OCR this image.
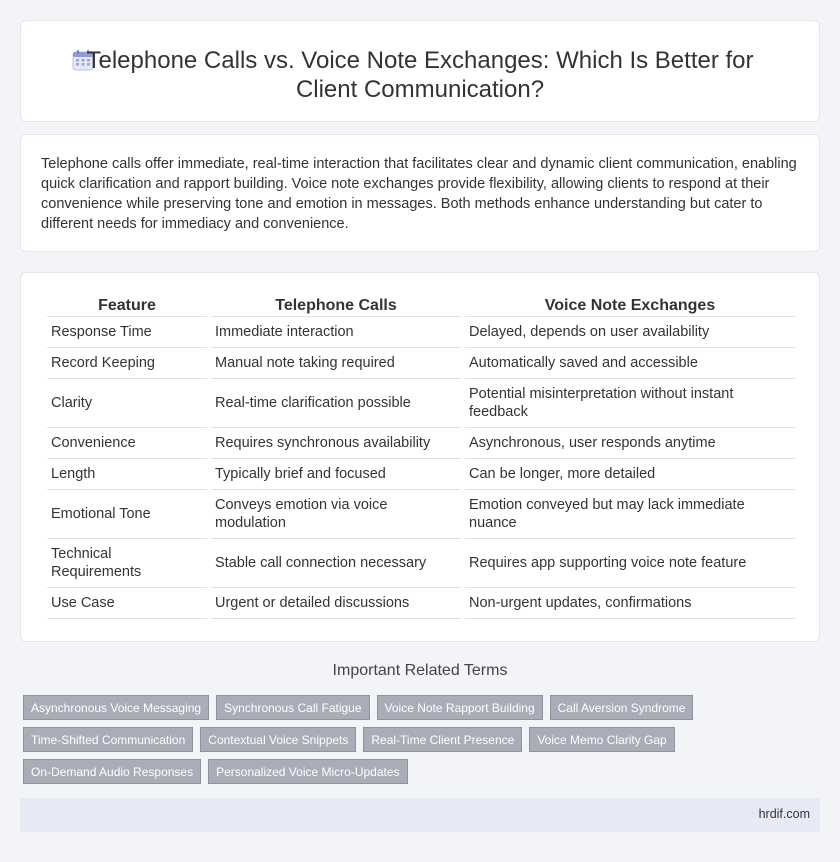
Telephone Calls vs. Voice Note Exchanges: Which Is Better for Client Communication?

Telephone calls offer immediate, real-time interaction that facilitates clear and dynamic client communication, enabling quick clarification and rapport building. Voice note exchanges provide flexibility, allowing clients to respond at their convenience while preserving tone and emotion in messages. Both methods enhance understanding but cater to different needs for immediacy and convenience.

Feature	Telephone Calls	Voice Note Exchanges
Response Time	Immediate interaction	Delayed, depends on user availability
Record Keeping	Manual note taking required	Automatically saved and accessible
Clarity	Real-time clarification possible	Potential misinterpretation without instant feedback
Convenience	Requires synchronous availability	Asynchronous, user responds anytime
Length	Typically brief and focused	Can be longer, more detailed
Emotional Tone	Conveys emotion via voice modulation	Emotion conveyed but may lack immediate nuance
Technical Requirements	Stable call connection necessary	Requires app supporting voice note feature
Use Case	Urgent or detailed discussions	Non-urgent updates, confirmations
Important Related Terms
Asynchronous Voice Messaging	Synchronous Call Fatigue	Voice Note Rapport Building	Call Aversion Syndrome
Time-Shifted Communication	Contextual Voice Snippets	Real-Time Client Presence	Voice Memo Clarity Gap
On-Demand Audio Responses	Personalized Voice Micro-Updates
hrdif.com
